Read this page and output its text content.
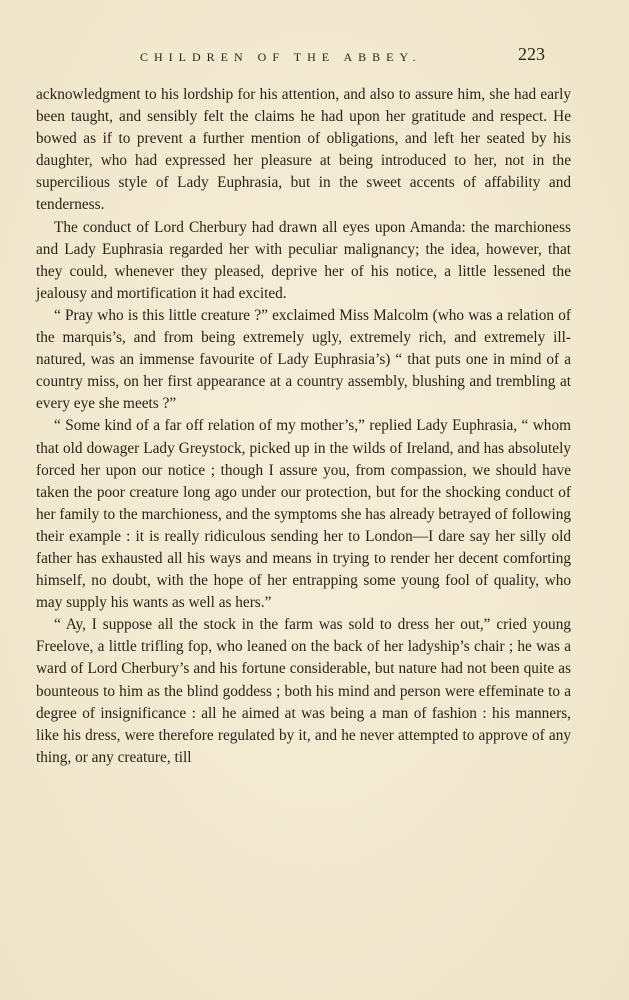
CHILDREN OF THE ABBEY.	223

acknowledgment to his lordship for his attention, and also to assure him, she had early been taught, and sensibly felt the claims he had upon her gratitude and respect. He bowed as if to prevent a further mention of obligations, and left her seated by his daughter, who had expressed her pleasure at being introduced to her, not in the supercilious style of Lady Euphrasia, but in the sweet accents of affability and tenderness.

The conduct of Lord Cherbury had drawn all eyes upon Amanda: the marchioness and Lady Euphrasia regarded her with peculiar malignancy; the idea, however, that they could, whenever they pleased, deprive her of his notice, a little lessened the jealousy and mortification it had excited.

“ Pray who is this little creature ?” exclaimed Miss Malcolm (who was a relation of the marquis’s, and from being extremely ugly, extremely rich, and extremely ill-natured, was an immense favourite of Lady Euphrasia’s) “ that puts one in mind of a country miss, on her first appearance at a country assembly, blushing and trembling at every eye she meets ?”

“ Some kind of a far off relation of my mother’s,” replied Lady Euphrasia, “ whom that old dowager Lady Greystock, picked up in the wilds of Ireland, and has absolutely forced her upon our notice ; though I assure you, from compassion, we should have taken the poor creature long ago under our protection, but for the shocking conduct of her family to the marchioness, and the symptoms she has already betrayed of following their example : it is really ridiculous sending her to London—I dare say her silly old father has exhausted all his ways and means in trying to render her decent comforting himself, no doubt, with the hope of her entrapping some young fool of quality, who may supply his wants as well as hers.”

“ Ay, I suppose all the stock in the farm was sold to dress her out,” cried young Freelove, a little trifling fop, who leaned on the back of her ladyship’s chair ; he was a ward of Lord Cherbury’s and his fortune considerable, but nature had not been quite as bounteous to him as the blind goddess ; both his mind and person were effeminate to a degree of insignificance : all he aimed at was being a man of fashion : his manners, like his dress, were therefore regulated by it, and he never attempted to approve of any thing, or any creature, till
